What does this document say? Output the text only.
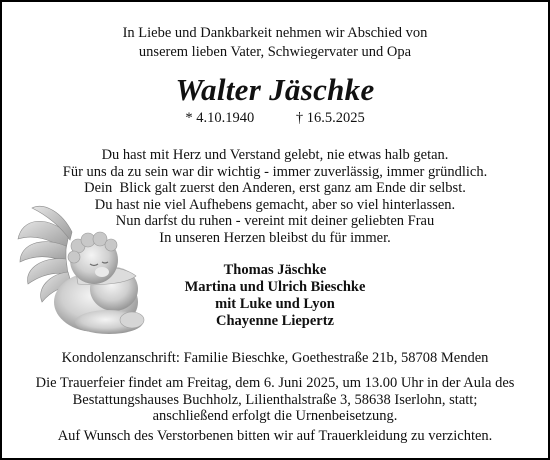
In Liebe und Dankbarkeit nehmen wir Abschied von
unserem lieben Vater, Schwiegervater und Opa
Walter Jäschke
* 4.10.1940	† 16.5.2025
Du hast mit Herz und Verstand gelebt, nie etwas halb getan.
Für uns da zu sein war dir wichtig - immer zuverlässig, immer gründlich.
Dein  Blick galt zuerst den Anderen, erst ganz am Ende dir selbst.
Du hast nie viel Aufhebens gemacht, aber so viel hinterlassen.
Nun darfst du ruhen - vereint mit deiner geliebten Frau
In unseren Herzen bleibst du für immer.
Thomas Jäschke
Martina und Ulrich Bieschke
mit Luke und Lyon
Chayenne Liepertz
Kondolenzanschrift: Familie Bieschke, Goethestraße 21b, 58708 Menden
Die Trauerfeier findet am Freitag, dem 6. Juni 2025, um 13.00 Uhr in der Aula des
Bestattungshauses Buchholz, Lilienthalstraße 3, 58638 Iserlohn, statt;
anschließend erfolgt die Urnenbeisetzung.
Auf Wunsch des Verstorbenen bitten wir auf Trauerkleidung zu verzichten.
